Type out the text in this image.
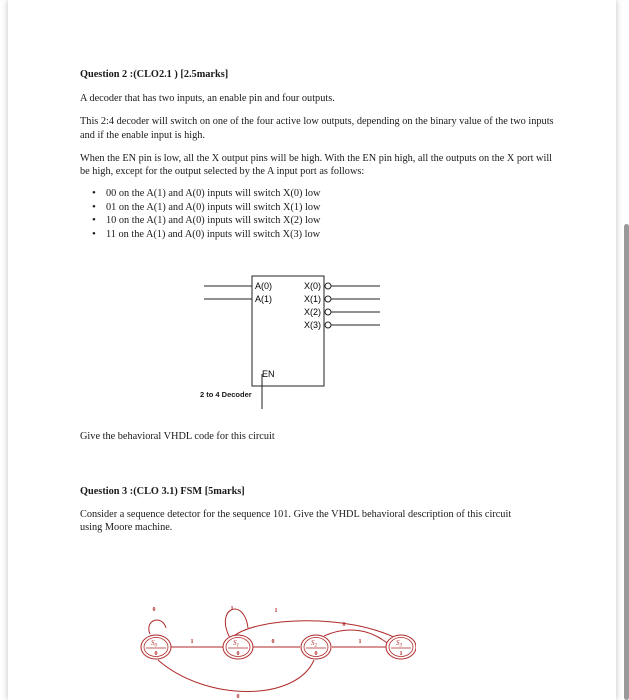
Question 2 :(CLO2.1 ) [2.5marks]

A decoder that has two inputs, an enable pin and four outputs.

This 2:4 decoder will switch on one of the four active low outputs, depending on the binary value of the two inputs and if the enable input is high.

When the EN pin is low, all the X output pins will be high. With the EN pin high, all the outputs on the X port will be high, except for the output selected by the A input port as follows:

• 00 on the A(1) and A(0) inputs will switch X(0) low
• 01 on the A(1) and A(0) inputs will switch X(1) low
• 10 on the A(1) and A(0) inputs will switch X(2) low
• 11 on the A(1) and A(0) inputs will switch X(3) low
A(0)
A(1)
X(0)
X(1)
X(2)
X(3)
EN
2 to 4 Decoder
Give the behavioral VHDL code for this circuit
Question 3 :(CLO 3.1) FSM [5marks]
Consider a sequence detector for the sequence 101. Give the VHDL behavioral description of this circuit using Moore machine.
$S_0$	$S_1$	$S_2$	$S_3$
0	0	0	1
0	1
1	0	1
0
1
0
